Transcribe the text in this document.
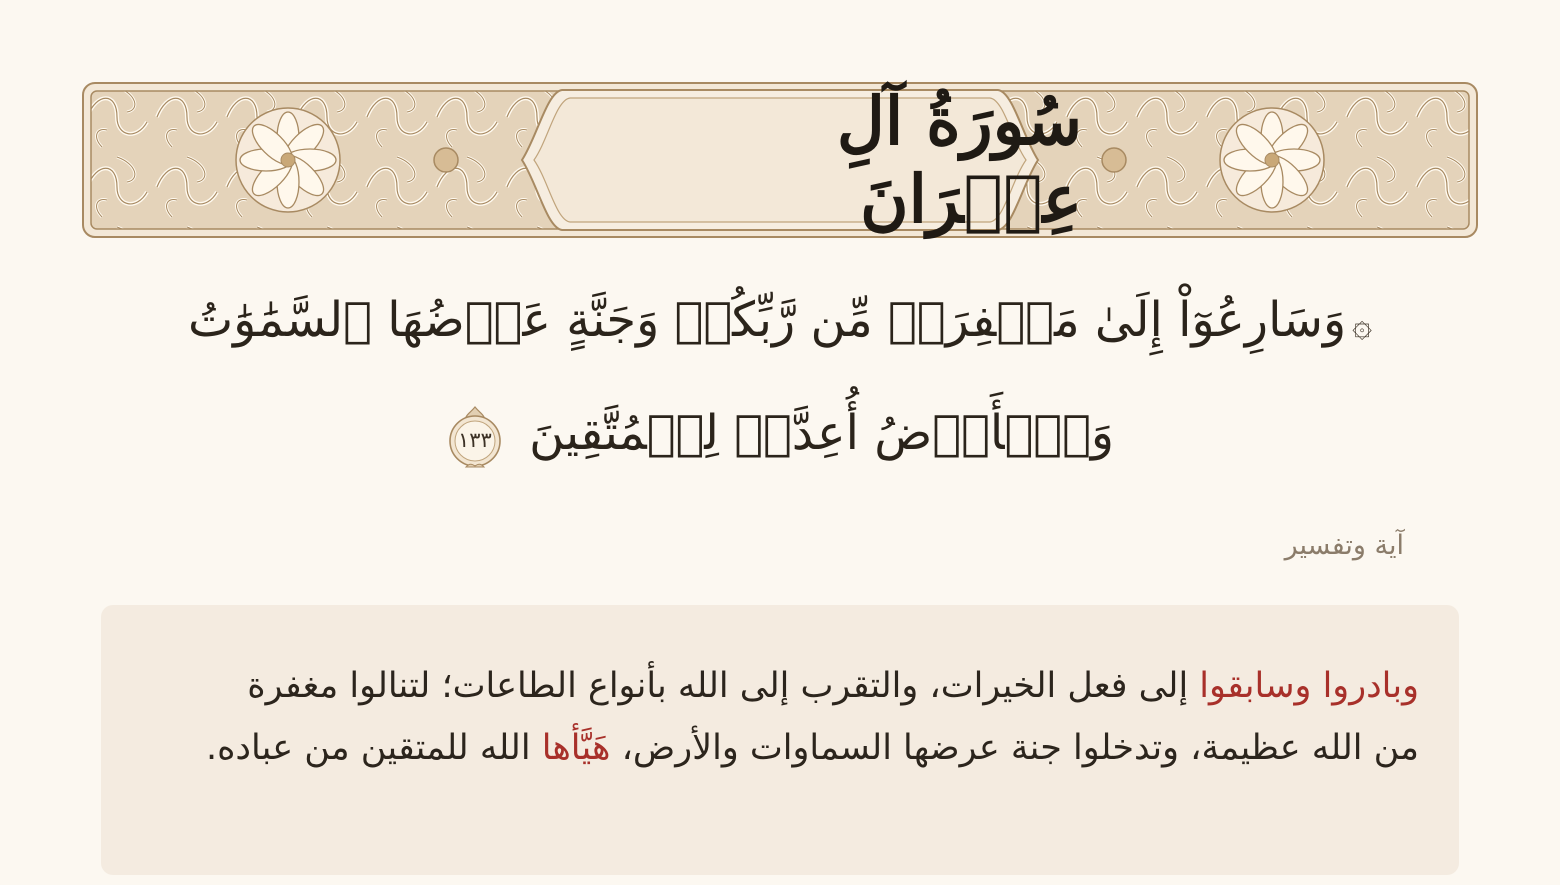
سُورَةُ آلِ عِمۡرَانَ
۞وَسَارِعُوٓاْ إِلَىٰ مَغۡفِرَةٖ مِّن رَّبِّكُمۡ وَجَنَّةٍ عَرۡضُهَا ٱلسَّمَٰوَٰتُ وَٱلۡأَرۡضُ أُعِدَّتۡ لِلۡمُتَّقِينَ
١٣٣
آية وتفسير
وبادروا وسابقوا إلى فعل الخيرات، والتقرب إلى الله بأنواع الطاعات؛ لتنالوا مغفرة من الله عظيمة، وتدخلوا جنة عرضها السماوات والأرض، هَيَّأها الله للمتقين من عباده.
